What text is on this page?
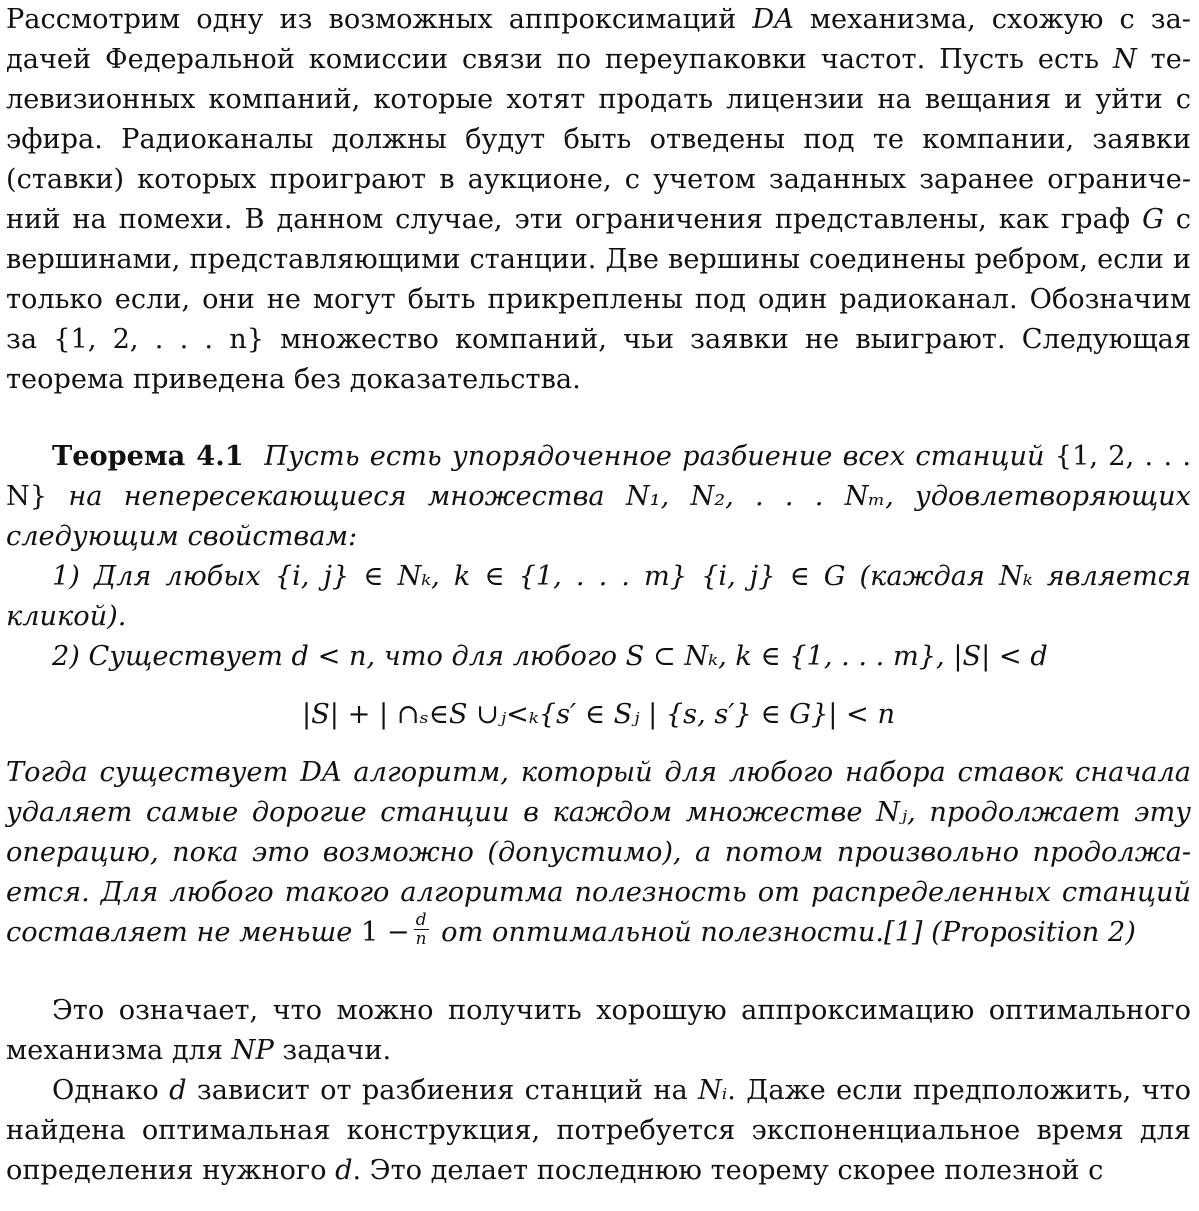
Рассмотрим одну из возможных аппроксимаций DA механизма, схожую с задачей Федеральной комиссии связи по переупаковки частот. Пусть есть N телевизионных компаний, которые хотят продать лицензии на вещания и уйти с эфира. Радиоканалы должны будут быть отведены под те компании, заявки (ставки) которых проиграют в аукционе, с учетом заданных заранее ограничений на помехи. В данном случае, эти ограничения представлены, как граф G с вершинами, представляющими станции. Две вершины соединены ребром, если и только если, они не могут быть прикреплены под один радиоканал. Обозначим за {1, 2, . . . n} множество компаний, чьи заявки не выиграют. Следующая теорема приведена без доказательства.

Теорема 4.1 Пусть есть упорядоченное разбиение всех станций {1, 2, . . . N} на непересекающиеся множества N₁, N₂, . . . Nₘ, удовлетворяющих следующим свойствам:

1) Для любых {i, j} ∈ Nₖ, k ∈ {1, . . . m} {i, j} ∈ G (каждая Nₖ является кликой).

2) Существует d < n, что для любого S ⊂ Nₖ, k ∈ {1, . . . m}, |S| < d

|S| + | ∩ₛ∈S ∪ⱼ<ₖ{s′ ∈ Sⱼ | {s, s′} ∈ G}| < n

Тогда существует DA алгоритм, который для любого набора ставок сначала удаляет самые дорогие станции в каждом множестве Nⱼ, продолжает эту операцию, пока это возможно (допустимо), а потом произвольно продолжается. Для любого такого алгоритма полезность от распределенных станций составляет не меньше $1 - \frac{d}{n}$ от оптимальной полезности.[1] (Proposition 2)

Это означает, что можно получить хорошую аппроксимацию оптимального механизма для NP задачи.

Однако d зависит от разбиения станций на Nᵢ. Даже если предположить, что найдена оптимальная конструкция, потребуется экспоненциальное время для определения нужного d. Это делает последнюю теорему скорее полезной с
